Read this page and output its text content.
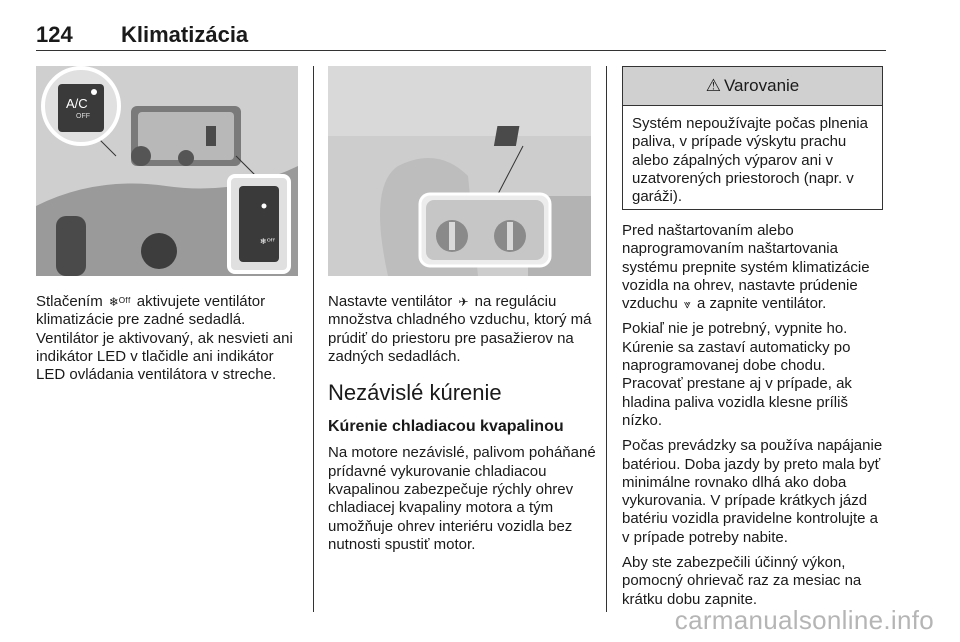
124 Klimatizácia
❄ᴼᶠᶠ
A/C
OFF

Stlačením ❄ᴼᶠᶠ aktivujete ventilátor klimatizácie pre zadné sedadlá. Ventilátor je aktivovaný, ak nesvieti ani indikátor LED v tlačidle ani indikátor LED ovládania ventilátora v streche.

Nastavte ventilátor ✈ na reguláciu množstva chladného vzduchu, ktorý má prúdiť do priestoru pre pasažierov na zadných sedadlách.

Nezávislé kúrenie
Kúrenie chladiacou kvapalinou

Na motore nezávislé, palivom poháňané prídavné vykurovanie chladiacou kvapalinou zabezpečuje rýchly ohrev chladiacej kvapaliny motora a tým umožňuje ohrev interiéru vozidla bez nutnosti spustiť motor.

⚠ Varovanie
Systém nepoužívajte počas plnenia paliva, v prípade výskytu prachu alebo zápalných výparov ani v uzatvorených priestoroch (napr. v garáži).

Pred naštartovaním alebo naprogramovaním naštartovania systému prepnite systém klimatizácie vozidla na ohrev, nastavte prúdenie vzduchu ⩔ a zapnite ventilátor.

Pokiaľ nie je potrebný, vypnite ho. Kúrenie sa zastaví automaticky po naprogramovanej dobe chodu. Pracovať prestane aj v prípade, ak hladina paliva vozidla klesne príliš nízko.

Počas prevádzky sa používa napájanie batériou. Doba jazdy by preto mala byť minimálne rovnako dlhá ako doba vykurovania. V prípade krátkych jázd batériu vozidla pravidelne kontrolujte a v prípade potreby nabite.

Aby ste zabezpečili účinný výkon, pomocný ohrievač raz za mesiac na krátku dobu zapnite.

carmanualsonline.info
